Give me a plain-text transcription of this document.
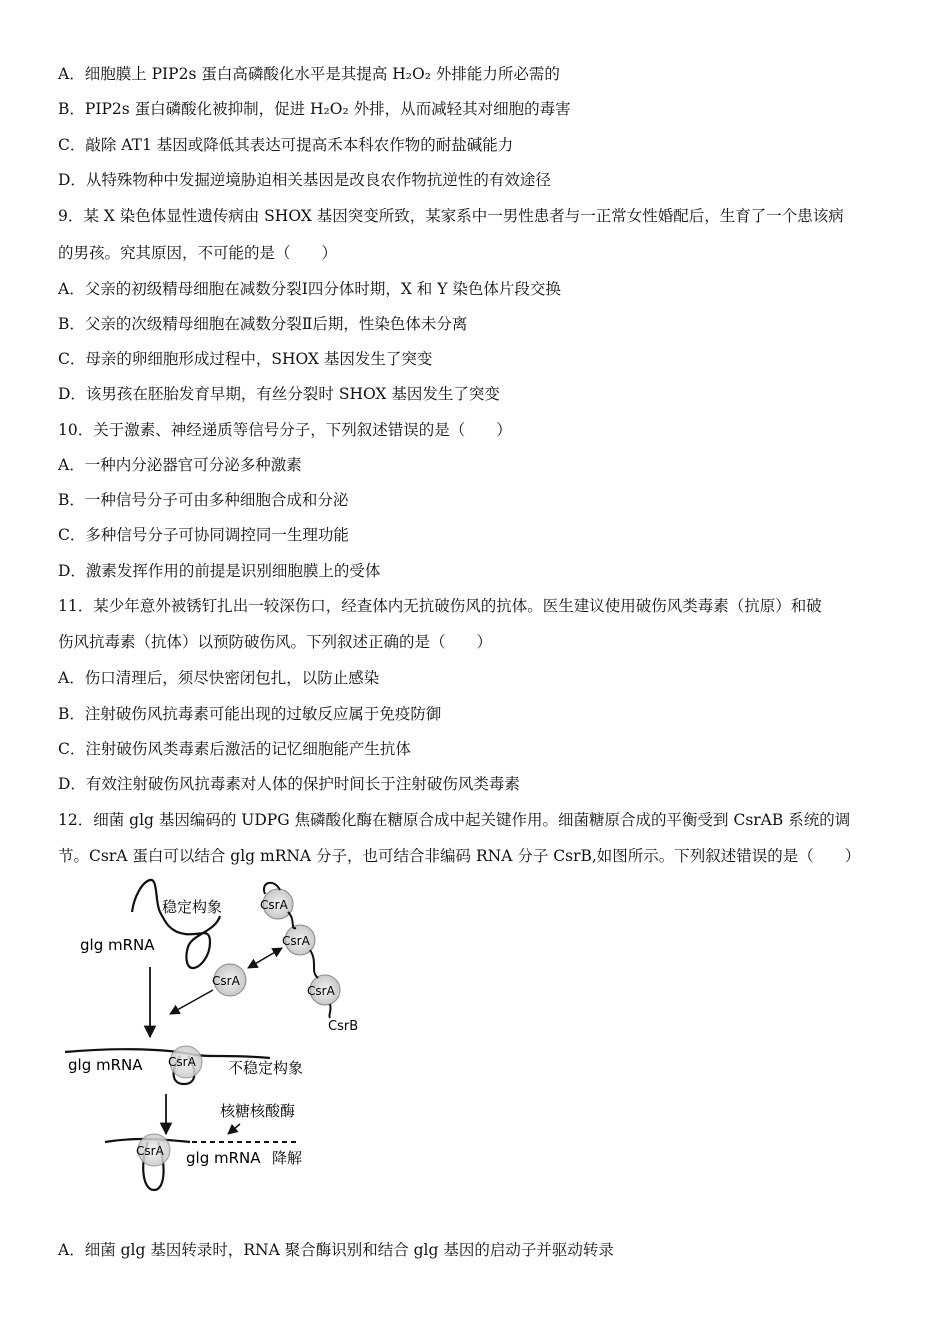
A．细胞膜上 PIP2s 蛋白高磷酸化水平是其提高 H₂O₂ 外排能力所必需的
B．PIP2s 蛋白磷酸化被抑制，促进 H₂O₂ 外排，从而减轻其对细胞的毒害
C．敲除 AT1 基因或降低其表达可提高禾本科农作物的耐盐碱能力
D．从特殊物种中发掘逆境胁迫相关基因是改良农作物抗逆性的有效途径
9．某 X 染色体显性遗传病由 SHOX 基因突变所致，某家系中一男性患者与一正常女性婚配后，生育了一个患该病
的男孩。究其原因，不可能的是（　　）
A．父亲的初级精母细胞在减数分裂Ⅰ四分体时期，X 和 Y 染色体片段交换
B．父亲的次级精母细胞在减数分裂Ⅱ后期，性染色体未分离
C．母亲的卵细胞形成过程中，SHOX 基因发生了突变
D．该男孩在胚胎发育早期，有丝分裂时 SHOX 基因发生了突变
10．关于激素、神经递质等信号分子，下列叙述错误的是（　　）
A．一种内分泌器官可分泌多种激素
B．一种信号分子可由多种细胞合成和分泌
C．多种信号分子可协同调控同一生理功能
D．激素发挥作用的前提是识别细胞膜上的受体
11．某少年意外被锈钉扎出一较深伤口，经查体内无抗破伤风的抗体。医生建议使用破伤风类毒素（抗原）和破
伤风抗毒素（抗体）以预防破伤风。下列叙述正确的是（　　）
A．伤口清理后，须尽快密闭包扎，以防止感染
B．注射破伤风抗毒素可能出现的过敏反应属于免疫防御
C．注射破伤风类毒素后激活的记忆细胞能产生抗体
D．有效注射破伤风抗毒素对人体的保护时间长于注射破伤风类毒素
12．细菌 glg 基因编码的 UDPG 焦磷酸化酶在糖原合成中起关键作用。细菌糖原合成的平衡受到 CsrAB 系统的调
节。CsrA 蛋白可以结合 glg mRNA 分子，也可结合非编码 RNA 分子 CsrB,如图所示。下列叙述错误的是（　　）
稳定构象
glg mRNA
CsrA
CsrA
CsrA
CsrB
CsrA
CsrA
glg mRNA	不稳定构象
核糖核酸酶
CsrA glg mRNA 降解
A．细菌 glg 基因转录时，RNA 聚合酶识别和结合 glg 基因的启动子并驱动转录
